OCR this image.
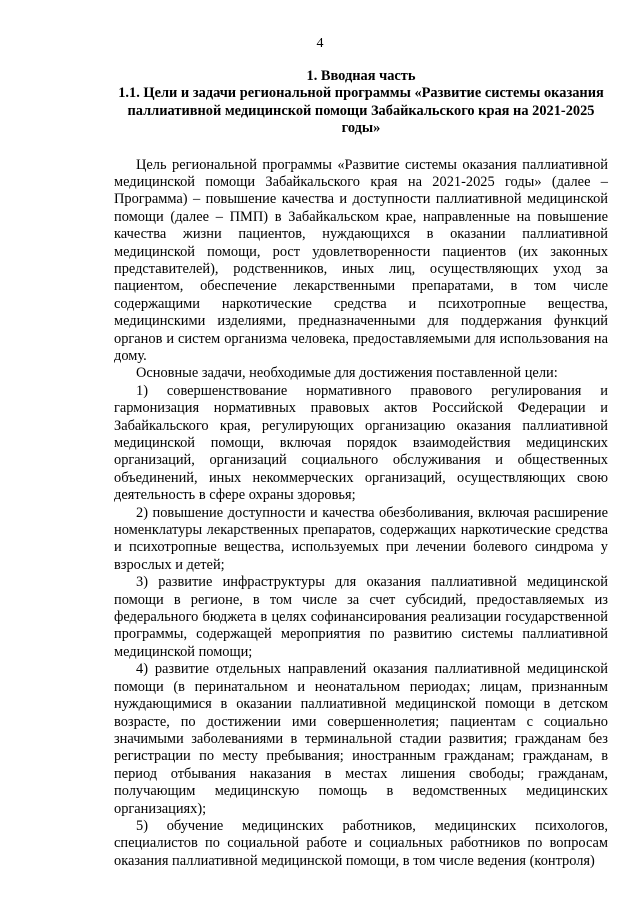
4
1. Вводная часть
1.1. Цели и задачи региональной программы «Развитие системы оказания паллиативной медицинской помощи Забайкальского края на 2021-2025 годы»

Цель региональной программы «Развитие системы оказания паллиативной медицинской помощи Забайкальского края на 2021-2025 годы» (далее – Программа) – повышение качества и доступности паллиативной медицинской помощи (далее – ПМП) в Забайкальском крае, направленные на повышение качества жизни пациентов, нуждающихся в оказании паллиативной медицинской помощи, рост удовлетворенности пациентов (их законных представителей), родственников, иных лиц, осуществляющих уход за пациентом, обеспечение лекарственными препаратами, в том числе содержащими наркотические средства и психотропные вещества, медицинскими изделиями, предназначенными для поддержания функций органов и систем организма человека, предоставляемыми для использования на дому.

Основные задачи, необходимые для достижения поставленной цели:

1) совершенствование нормативного правового регулирования и гармонизация нормативных правовых актов Российской Федерации и Забайкальского края, регулирующих организацию оказания паллиативной медицинской помощи, включая порядок взаимодействия медицинских организаций, организаций социального обслуживания и общественных объединений, иных некоммерческих организаций, осуществляющих свою деятельность в сфере охраны здоровья;

2) повышение доступности и качества обезболивания, включая расширение номенклатуры лекарственных препаратов, содержащих наркотические средства и психотропные вещества, используемых при лечении болевого синдрома у взрослых и детей;

3) развитие инфраструктуры для оказания паллиативной медицинской помощи в регионе, в том числе за счет субсидий, предоставляемых из федерального бюджета в целях софинансирования реализации государственной программы, содержащей мероприятия по развитию системы паллиативной медицинской помощи;

4) развитие отдельных направлений оказания паллиативной медицинской помощи (в перинатальном и неонатальном периодах; лицам, признанным нуждающимися в оказании паллиативной медицинской помощи в детском возрасте, по достижении ими совершеннолетия; пациентам с социально значимыми заболеваниями в терминальной стадии развития; гражданам без регистрации по месту пребывания; иностранным гражданам; гражданам, в период отбывания наказания в местах лишения свободы; гражданам, получающим медицинскую помощь в ведомственных медицинских организациях);

5) обучение медицинских работников, медицинских психологов, специалистов по социальной работе и социальных работников по вопросам оказания паллиативной медицинской помощи, в том числе ведения (контроля)
